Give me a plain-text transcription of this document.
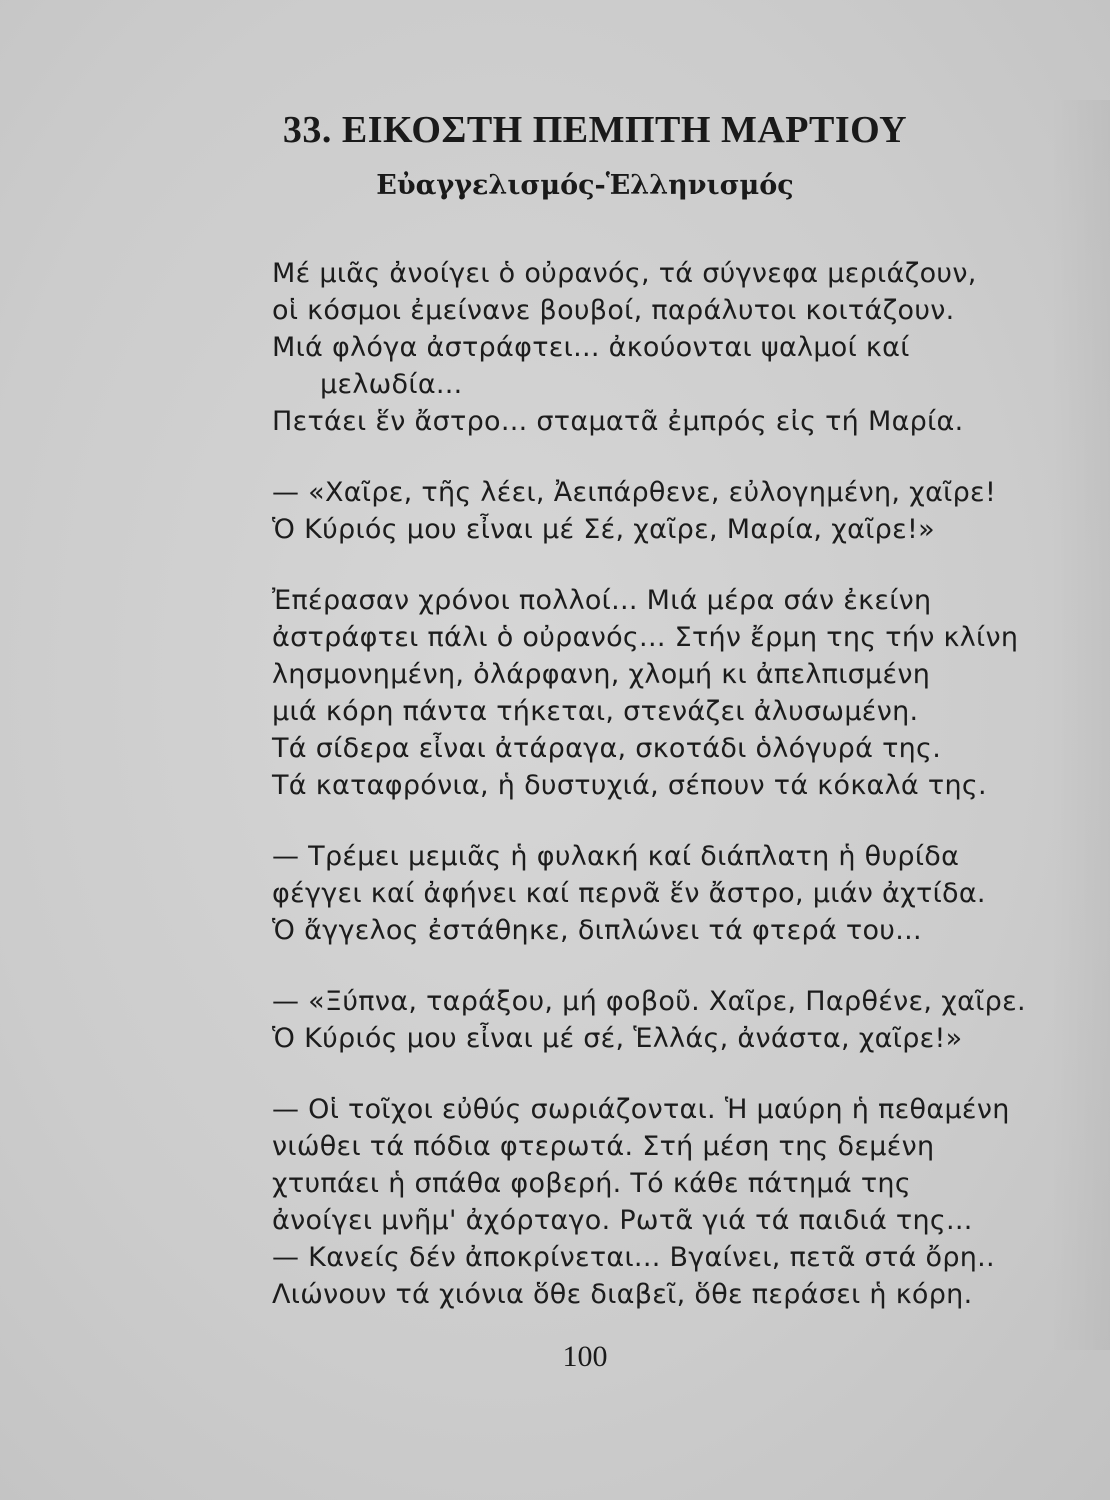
33. ΕΙΚΟΣΤΗ ΠΕΜΠΤΗ ΜΑΡΤΙΟΥ
Εὐαγγελισμός-Ἑλληνισμός
Μέ μιᾶς ἀνοίγει ὁ οὐρανός, τά σύγνεφα μεριάζουν,
οἱ κόσμοι ἐμείνανε βουβοί, παράλυτοι κοιτάζουν.
Μιά φλόγα ἀστράφτει... ἀκούονται ψαλμοί καί
μελωδία...
Πετάει ἕν ἄστρο... σταματᾶ ἐμπρός εἰς τή Μαρία.
— «Χαῖρε, τῆς λέει, Ἀειπάρθενε, εὐλογημένη, χαῖρε!
Ὁ Κύριός μου εἶναι μέ Σέ, χαῖρε, Μαρία, χαῖρε!»
Ἐπέρασαν χρόνοι πολλοί... Μιά μέρα σάν ἐκείνη
ἀστράφτει πάλι ὁ οὐρανός... Στήν ἔρμη της τήν κλίνη
λησμονημένη, ὀλάρφανη, χλομή κι ἀπελπισμένη
μιά κόρη πάντα τήκεται, στενάζει ἀλυσωμένη.
Τά σίδερα εἶναι ἀτάραγα, σκοτάδι ὁλόγυρά της.
Τά καταφρόνια, ἡ δυστυχιά, σέπουν τά κόκαλά της.
— Τρέμει μεμιᾶς ἡ φυλακή καί διάπλατη ἡ θυρίδα
φέγγει καί ἀφήνει καί περνᾶ ἕν ἄστρο, μιάν ἀχτίδα.
Ὁ ἄγγελος ἐστάθηκε, διπλώνει τά φτερά του...
— «Ξύπνα, ταράξου, μή φοβοῦ. Χαῖρε, Παρθένε, χαῖρε.
Ὁ Κύριός μου εἶναι μέ σέ, Ἑλλάς, ἀνάστα, χαῖρε!»
— Οἱ τοῖχοι εὐθύς σωριάζονται. Ἡ μαύρη ἡ πεθαμένη
νιώθει τά πόδια φτερωτά. Στή μέση της δεμένη
χτυπάει ἡ σπάθα φοβερή. Τό κάθε πάτημά της
ἀνοίγει μνῆμ' ἀχόρταγο. Ρωτᾶ γιά τά παιδιά της...
— Κανείς δέν ἀποκρίνεται... Βγαίνει, πετᾶ στά ὄρη..
Λιώνουν τά χιόνια ὅθε διαβεῖ, ὅθε περάσει ἡ κόρη.
100
